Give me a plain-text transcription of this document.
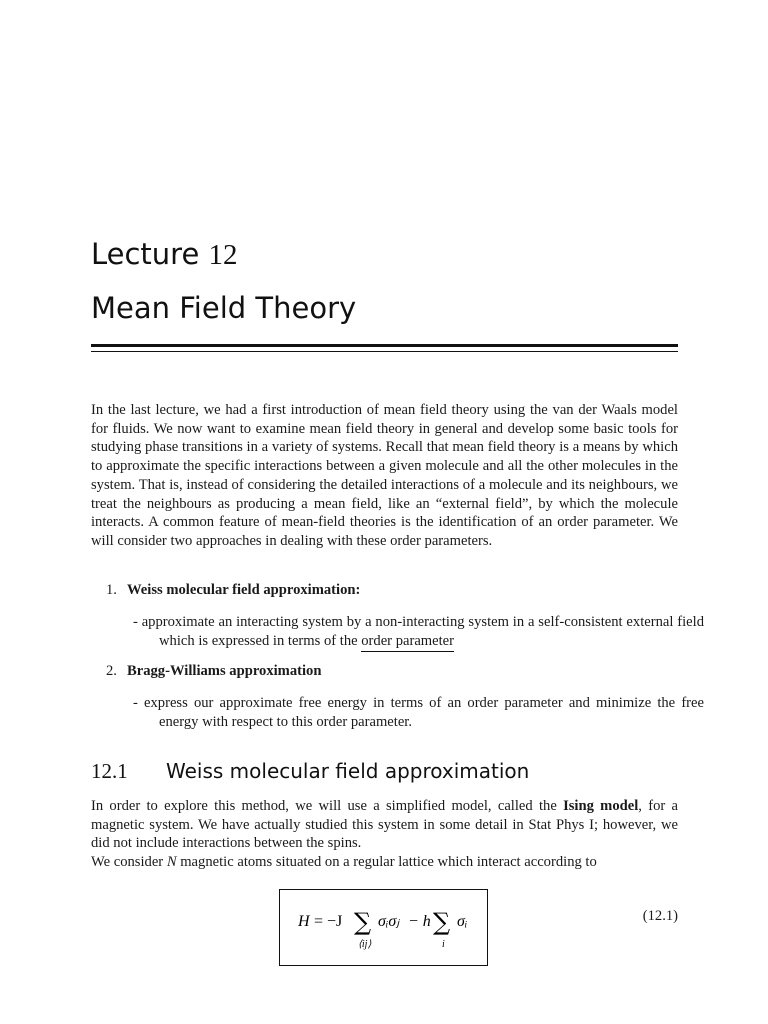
Lecture 12
Mean Field Theory

In the last lecture, we had a first introduction of mean field theory using the van der Waals model for fluids. We now want to examine mean field theory in general and develop some basic tools for studying phase transitions in a variety of systems. Recall that mean field theory is a means by which to approximate the specific interactions between a given molecule and all the other molecules in the system. That is, instead of considering the detailed interactions of a molecule and its neighbours, we treat the neighbours as producing a mean field, like an “external field”, by which the molecule interacts. A common feature of mean-field theories is the identification of an order parameter. We will consider two approaches in dealing with these order parameters.

1. Weiss molecular field approximation:
- approximate an interacting system by a non-interacting system in a self-consistent external field which is expressed in terms of the order parameter
2. Bragg-Williams approximation
- express our approximate free energy in terms of an order parameter and minimize the free energy with respect to this order parameter.
12.1 Weiss molecular field approximation

In order to explore this method, we will use a simplified model, called the Ising model, for a magnetic system. We have actually studied this system in some detail in Stat Phys I; however, we did not include interactions between the spins.

We consider N magnetic atoms situated on a regular lattice which interact according to

H = −J ∑
⟨ij⟩
σᵢσⱼ − h ∑
i
σᵢ	(12.1)
